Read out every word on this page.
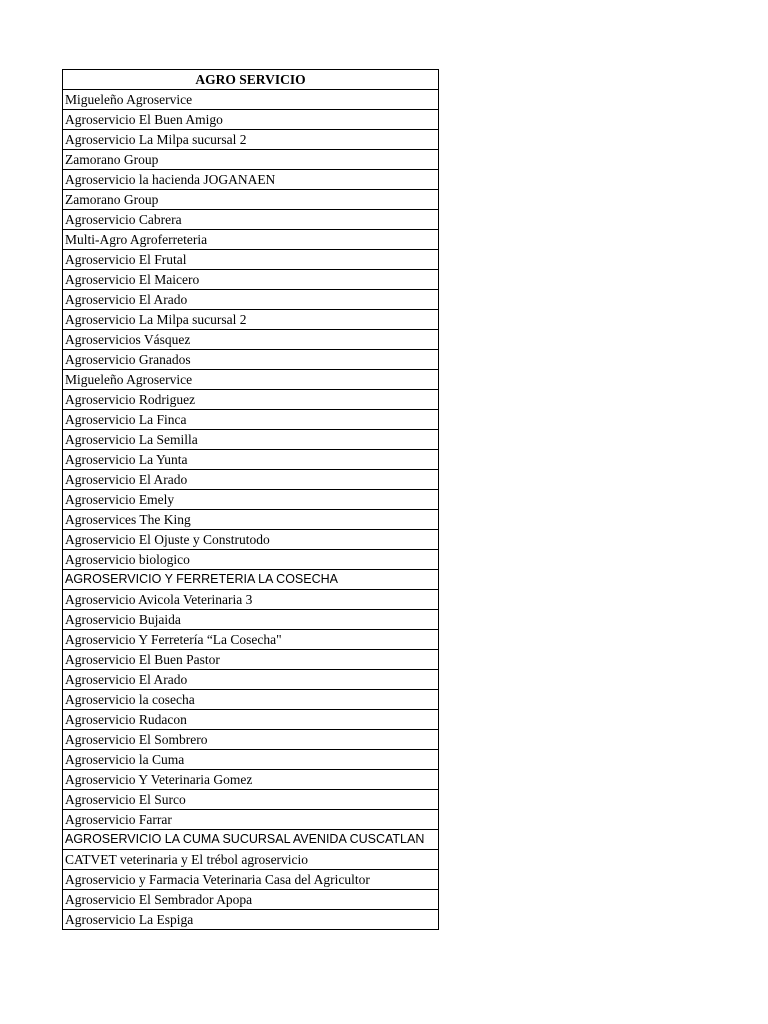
AGRO SERVICIO
Migueleño Agroservice
Agroservicio El Buen Amigo
Agroservicio La Milpa sucursal 2
Zamorano Group
Agroservicio la hacienda JOGANAEN
Zamorano Group
Agroservicio Cabrera
Multi-Agro Agroferreteria
Agroservicio El Frutal
Agroservicio El Maicero
Agroservicio El Arado
Agroservicio La Milpa sucursal 2
Agroservicios Vásquez
Agroservicio Granados
Migueleño Agroservice
Agroservicio Rodriguez
Agroservicio La Finca
Agroservicio La Semilla
Agroservicio La Yunta
Agroservicio El Arado
Agroservicio Emely
Agroservices The King
Agroservicio El Ojuste y Construtodo
Agroservicio biologico
AGROSERVICIO Y FERRETERIA LA COSECHA
Agroservicio Avicola Veterinaria 3
Agroservicio Bujaida
Agroservicio Y Ferretería “La Cosecha"
Agroservicio El Buen Pastor
Agroservicio El Arado
Agroservicio la cosecha
Agroservicio Rudacon
Agroservicio El Sombrero
Agroservicio la Cuma
Agroservicio Y Veterinaria Gomez
Agroservicio El Surco
Agroservicio Farrar
AGROSERVICIO LA CUMA SUCURSAL AVENIDA CUSCATLAN
CATVET veterinaria y El trébol agroservicio
Agroservicio y Farmacia Veterinaria Casa del Agricultor
Agroservicio El Sembrador Apopa
Agroservicio La Espiga
